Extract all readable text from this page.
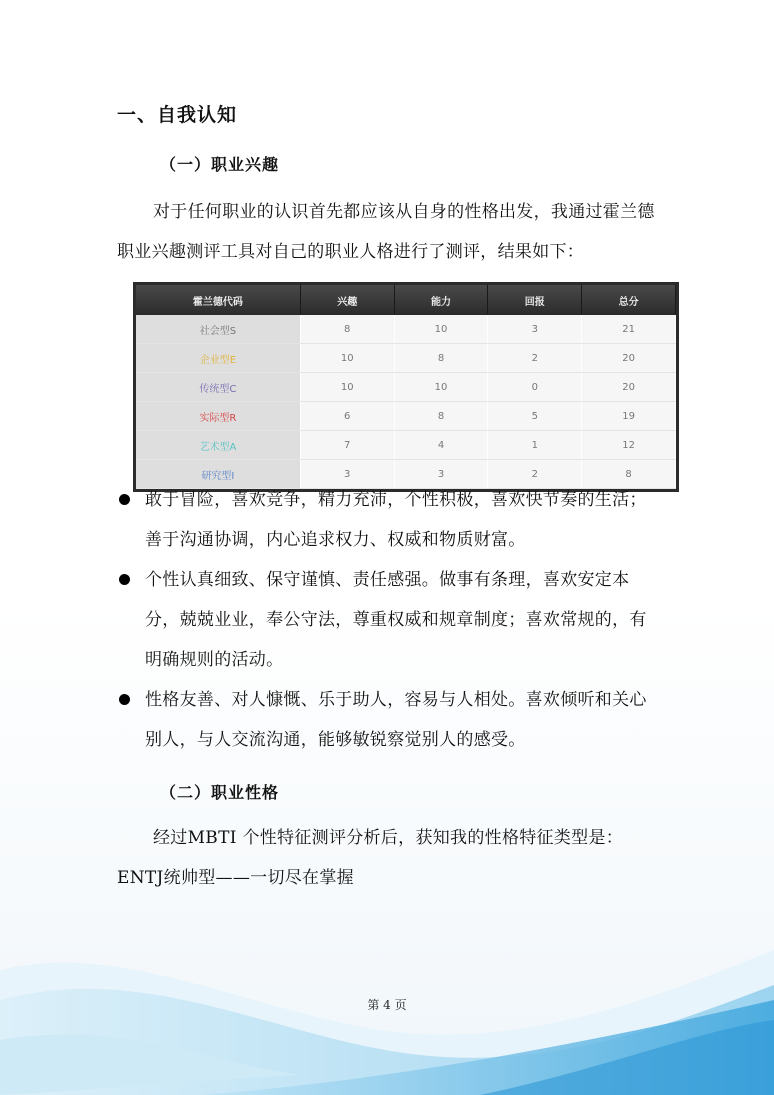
一、自我认知
（一）职业兴趣
对于任何职业的认识首先都应该从自身的性格出发，我通过霍兰德职业兴趣测评工具对自己的职业人格进行了测评，结果如下：
霍兰德代码	兴趣	能力	回报	总分
社会型S	8	10	3	21
企业型E	10	8	2	20
传统型C	10	10	0	20
实际型R	6	8	5	19
艺术型A	7	4	1	12
研究型I	3	3	2	8
敢于冒险，喜欢竞争，精力充沛，个性积极，喜欢快节奏的生活；善于沟通协调，内心追求权力、权威和物质财富。
个性认真细致、保守谨慎、责任感强。做事有条理，喜欢安定本分，兢兢业业，奉公守法，尊重权威和规章制度；喜欢常规的，有明确规则的活动。
性格友善、对人慷慨、乐于助人，容易与人相处。喜欢倾听和关心别人，与人交流沟通，能够敏锐察觉别人的感受。
（二）职业性格
经过MBTI 个性特征测评分析后，获知我的性格特征类型是：ENTJ统帅型——一切尽在掌握
第 4 页
